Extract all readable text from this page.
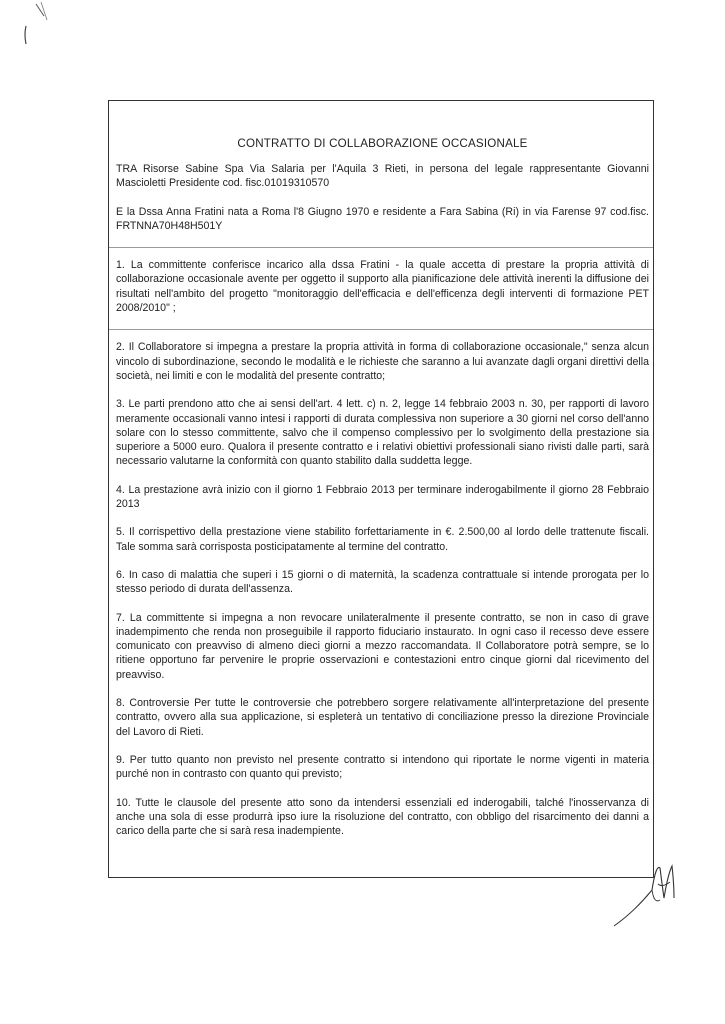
CONTRATTO DI COLLABORAZIONE OCCASIONALE

TRA Risorse Sabine Spa Via Salaria per l'Aquila 3 Rieti, in persona del legale rappresentante Giovanni Mascioletti Presidente cod. fisc.01019310570

E la Dssa Anna Fratini nata a Roma l'8 Giugno 1970 e residente a Fara Sabina (Ri) in via Farense 97 cod.fisc. FRTNNA70H48H501Y

1. La committente conferisce incarico alla dssa Fratini - la quale accetta di prestare la propria attività di collaborazione occasionale avente per oggetto il supporto alla pianificazione dele attività inerenti la diffusione dei risultati nell'ambito del progetto "monitoraggio dell'efficacia e dell'efficenza degli interventi di formazione PET 2008/2010" ;

2. Il Collaboratore si impegna a prestare la propria attività in forma di collaborazione occasionale," senza alcun vincolo di subordinazione, secondo le modalità e le richieste che saranno a lui avanzate dagli organi direttivi della società, nei limiti e con le modalità del presente contratto;

3. Le parti prendono atto che ai sensi dell'art. 4 lett. c) n. 2, legge 14 febbraio 2003 n. 30, per rapporti di lavoro meramente occasionali vanno intesi i rapporti di durata complessiva non superiore a 30 giorni nel corso dell'anno solare con lo stesso committente, salvo che il compenso complessivo per lo svolgimento della prestazione sia superiore a 5000 euro. Qualora il presente contratto e i relativi obiettivi professionali siano rivisti dalle parti, sarà necessario valutarne la conformità con quanto stabilito dalla suddetta legge.

4. La prestazione avrà inizio con il giorno 1 Febbraio 2013 per terminare inderogabilmente il giorno 28 Febbraio 2013

5. Il corrispettivo della prestazione viene stabilito forfettariamente in €. 2.500,00 al lordo delle trattenute fiscali. Tale somma sarà corrisposta posticipatamente al termine del contratto.

6. In caso di malattia che superi i 15 giorni o di maternità, la scadenza contrattuale si intende prorogata per lo stesso periodo di durata dell'assenza.

7. La committente si impegna a non revocare unilateralmente il presente contratto, se non in caso di grave inadempimento che renda non proseguibile il rapporto fiduciario instaurato. In ogni caso il recesso deve essere comunicato con preavviso di almeno dieci giorni a mezzo raccomandata. Il Collaboratore potrà sempre, se lo ritiene opportuno far pervenire le proprie osservazioni e contestazioni entro cinque giorni dal ricevimento del preavviso.

8. Controversie Per tutte le controversie che potrebbero sorgere relativamente all'interpretazione del presente contratto, ovvero alla sua applicazione, si espleterà un tentativo di conciliazione presso la direzione Provinciale del Lavoro di Rieti.

9. Per tutto quanto non previsto nel presente contratto si intendono qui riportate le norme vigenti in materia purché non in contrasto con quanto qui previsto;

10. Tutte le clausole del presente atto sono da intendersi essenziali ed inderogabili, talché l'inosservanza di anche una sola di esse produrrà ipso iure la risoluzione del contratto, con obbligo del risarcimento dei danni a carico della parte che si sarà resa inadempiente.
